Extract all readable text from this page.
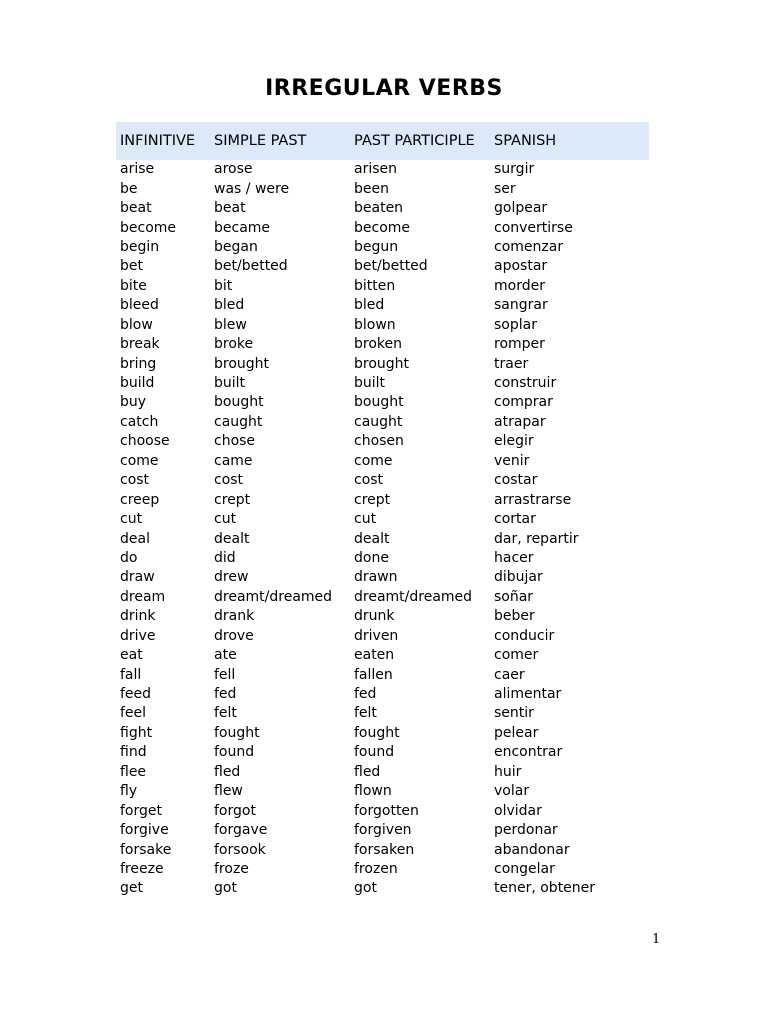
IRREGULAR VERBS
INFINITIVE	SIMPLE PAST	PAST PARTICIPLE	SPANISH
arise	arose	arisen	surgir
be	was / were	been	ser
beat	beat	beaten	golpear
become	became	become	convertirse
begin	began	begun	comenzar
bet	bet/betted	bet/betted	apostar
bite	bit	bitten	morder
bleed	bled	bled	sangrar
blow	blew	blown	soplar
break	broke	broken	romper
bring	brought	brought	traer
build	built	built	construir
buy	bought	bought	comprar
catch	caught	caught	atrapar
choose	chose	chosen	elegir
come	came	come	venir
cost	cost	cost	costar
creep	crept	crept	arrastrarse
cut	cut	cut	cortar
deal	dealt	dealt	dar, repartir
do	did	done	hacer
draw	drew	drawn	dibujar
dream	dreamt/dreamed	dreamt/dreamed	soñar
drink	drank	drunk	beber
drive	drove	driven	conducir
eat	ate	eaten	comer
fall	fell	fallen	caer
feed	fed	fed	alimentar
feel	felt	felt	sentir
fight	fought	fought	pelear
find	found	found	encontrar
flee	fled	fled	huir
fly	flew	flown	volar
forget	forgot	forgotten	olvidar
forgive	forgave	forgiven	perdonar
forsake	forsook	forsaken	abandonar
freeze	froze	frozen	congelar
get	got	got	tener, obtener
1
